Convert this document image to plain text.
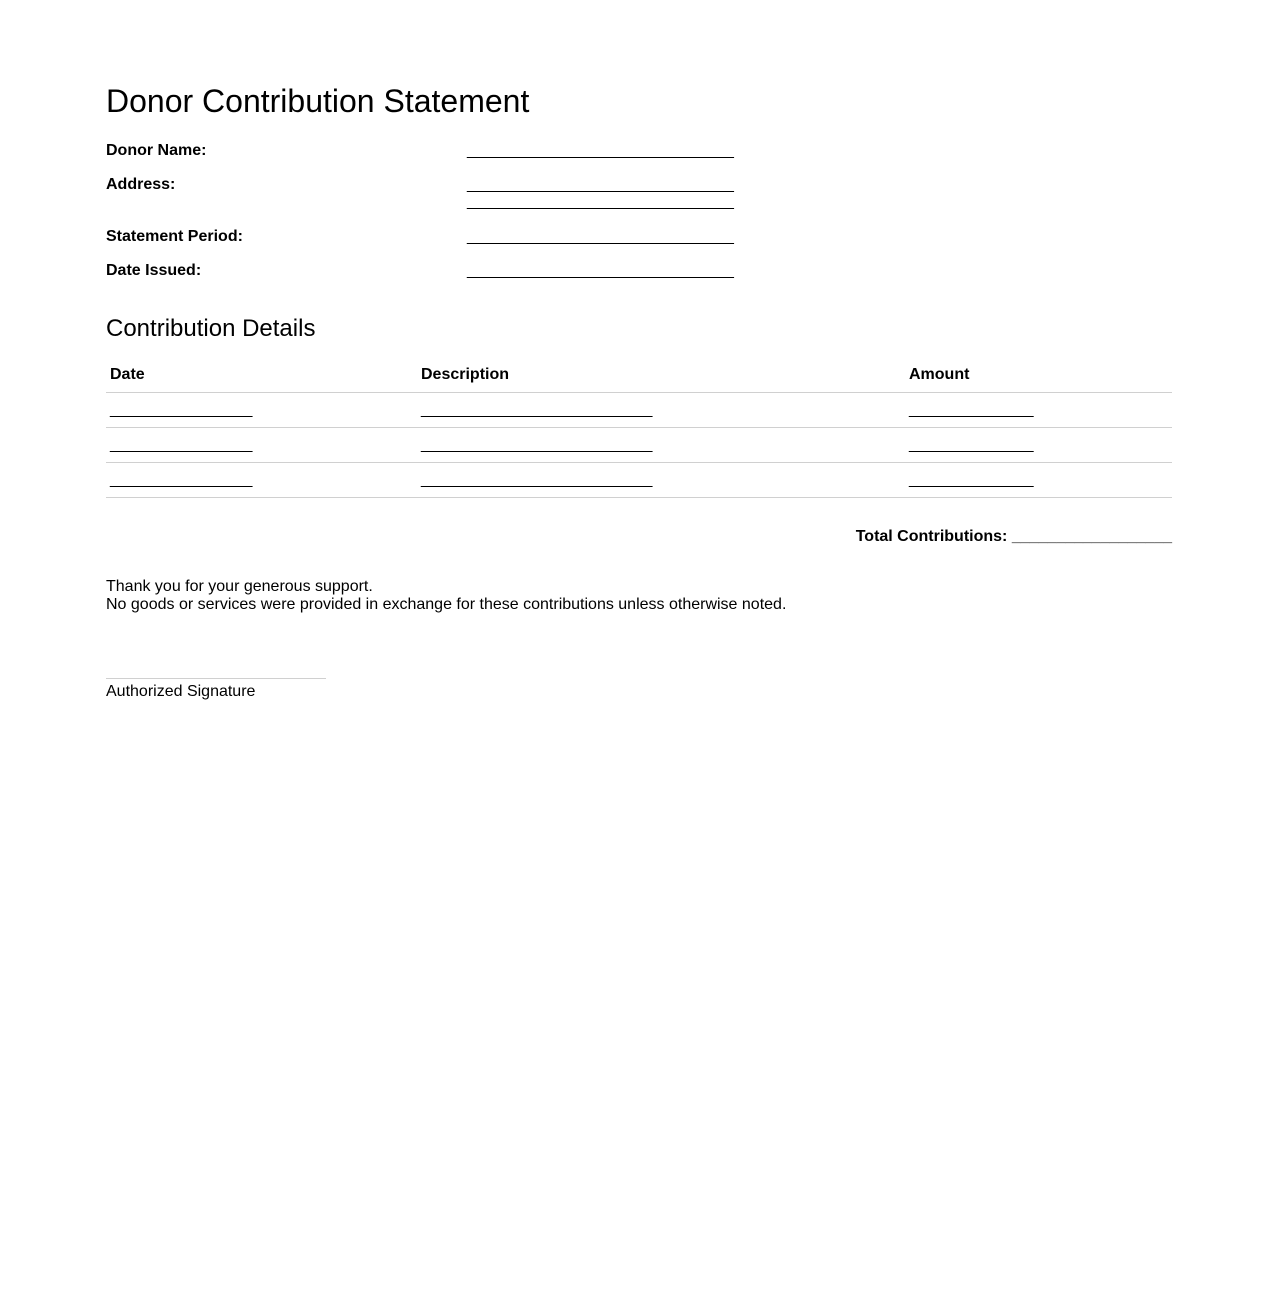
Donor Contribution Statement
Donor Name:	______________________________
Address:	______________________________
______________________________

Statement Period:	______________________________
Date Issued:	______________________________
Contribution Details
Date	Description	Amount
________________	__________________________	______________
________________	__________________________	______________
________________	__________________________	______________
Total Contributions: __________________
Thank you for your generous support.
No goods or services were provided in exchange for these contributions unless otherwise noted.
Authorized Signature
